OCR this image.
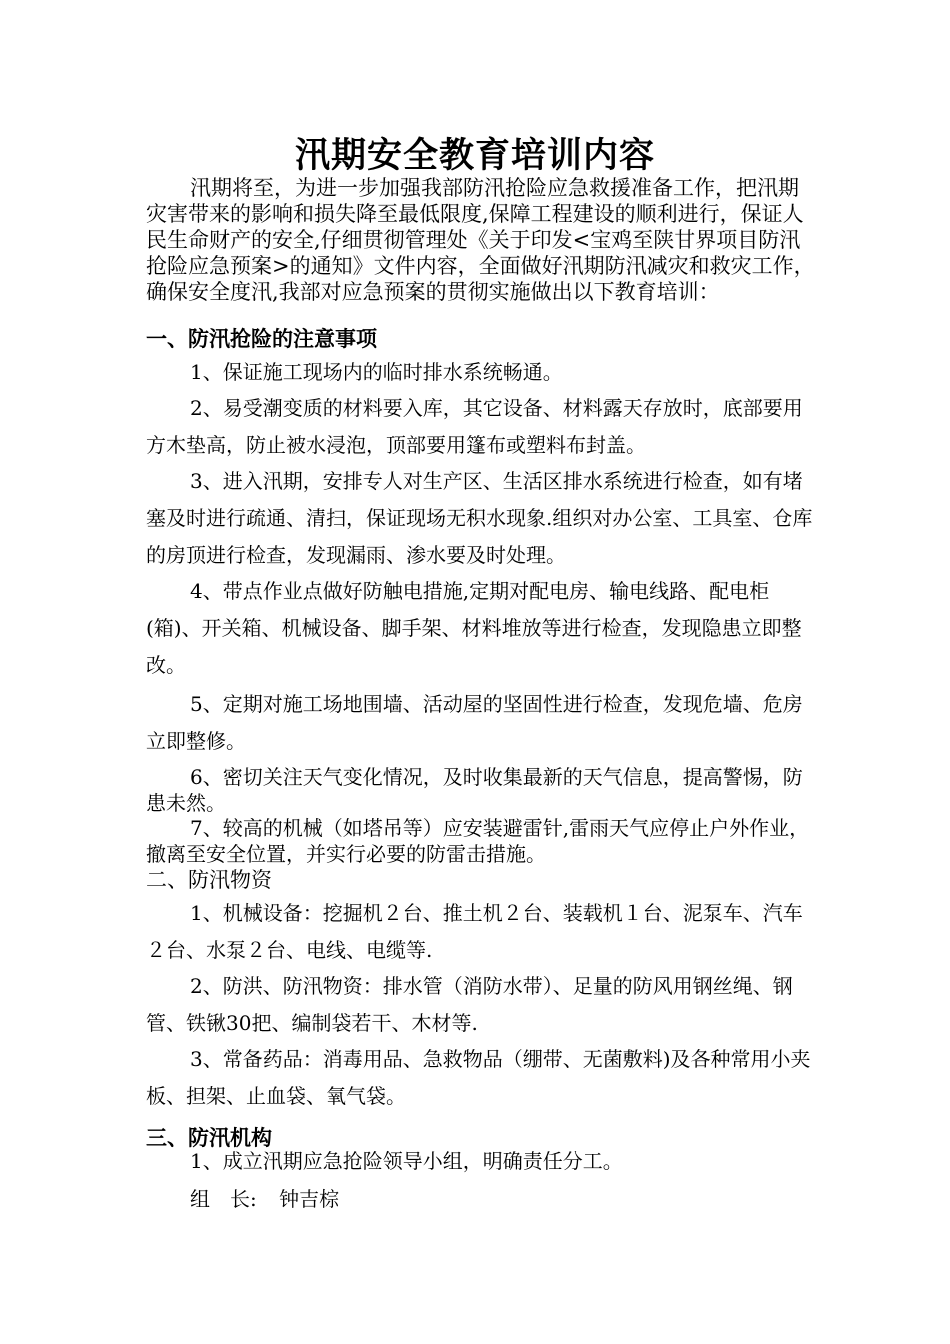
汛期安全教育培训内容
汛期将至，为进一步加强我部防汛抢险应急救援准备工作，把汛期灾害带来的影响和损失降至最低限度,保障工程建设的顺利进行，保证人民生命财产的安全,仔细贯彻管理处《关于印发<宝鸡至陕甘界项目防汛抢险应急预案>的通知》文件内容，全面做好汛期防汛减灾和救灾工作，确保安全度汛,我部对应急预案的贯彻实施做出以下教育培训：
一、防汛抢险的注意事项
1、保证施工现场内的临时排水系统畅通。
2、易受潮变质的材料要入库，其它设备、材料露天存放时，底部要用方木垫高，防止被水浸泡，顶部要用篷布或塑料布封盖。
3、进入汛期，安排专人对生产区、生活区排水系统进行检查，如有堵塞及时进行疏通、清扫，保证现场无积水现象.组织对办公室、工具室、仓库的房顶进行检查，发现漏雨、渗水要及时处理。
4、带点作业点做好防触电措施,定期对配电房、输电线路、配电柜(箱)、开关箱、机械设备、脚手架、材料堆放等进行检查，发现隐患立即整改。
5、定期对施工场地围墙、活动屋的坚固性进行检查，发现危墙、危房立即整修。
6、密切关注天气变化情况，及时收集最新的天气信息，提高警惕，防患未然。
7、较高的机械（如塔吊等）应安装避雷针,雷雨天气应停止户外作业，撤离至安全位置，并实行必要的防雷击措施。
二、防汛物资
1、机械设备：挖掘机２台、推土机２台、装载机１台、泥泵车、汽车２台、水泵２台、电线、电缆等.
2、防洪、防汛物资：排水管（消防水带）、足量的防风用钢丝绳、钢管、铁锹30把、编制袋若干、木材等.
3、常备药品：消毒用品、急救物品（绷带、无菌敷料)及各种常用小夹板、担架、止血袋、氧气袋。
三、防汛机构
1、成立汛期应急抢险领导小组，明确责任分工。
组　长: 钟吉棕
